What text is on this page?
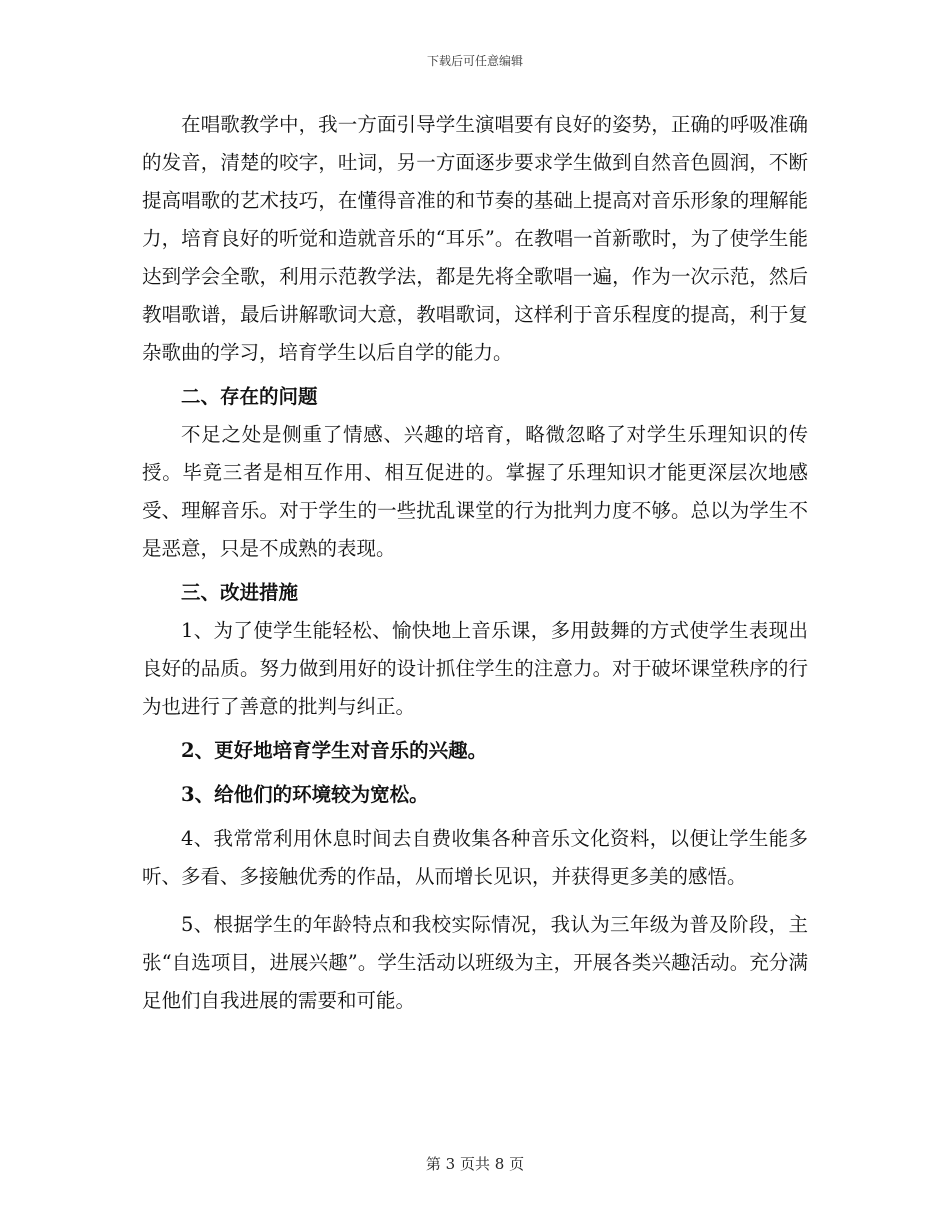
下载后可任意编辑

在唱歌教学中，我一方面引导学生演唱要有良好的姿势，正确的呼吸准确的发音，清楚的咬字，吐词，另一方面逐步要求学生做到自然音色圆润，不断提高唱歌的艺术技巧，在懂得音准的和节奏的基础上提高对音乐形象的理解能力，培育良好的听觉和造就音乐的“耳乐”。在教唱一首新歌时，为了使学生能达到学会全歌，利用示范教学法，都是先将全歌唱一遍，作为一次示范，然后教唱歌谱，最后讲解歌词大意，教唱歌词，这样利于音乐程度的提高，利于复杂歌曲的学习，培育学生以后自学的能力。

二、存在的问题

不足之处是侧重了情感、兴趣的培育，略微忽略了对学生乐理知识的传授。毕竟三者是相互作用、相互促进的。掌握了乐理知识才能更深层次地感受、理解音乐。对于学生的一些扰乱课堂的行为批判力度不够。总以为学生不是恶意，只是不成熟的表现。

三、改进措施

1、为了使学生能轻松、愉快地上音乐课，多用鼓舞的方式使学生表现出良好的品质。努力做到用好的设计抓住学生的注意力。对于破坏课堂秩序的行为也进行了善意的批判与纠正。

2、更好地培育学生对音乐的兴趣。

3、给他们的环境较为宽松。

4、我常常利用休息时间去自费收集各种音乐文化资料，以便让学生能多听、多看、多接触优秀的作品，从而增长见识，并获得更多美的感悟。

5、根据学生的年龄特点和我校实际情况，我认为三年级为普及阶段，主张“自选项目，进展兴趣”。学生活动以班级为主，开展各类兴趣活动。充分满足他们自我进展的需要和可能。

第 3 页共 8 页
